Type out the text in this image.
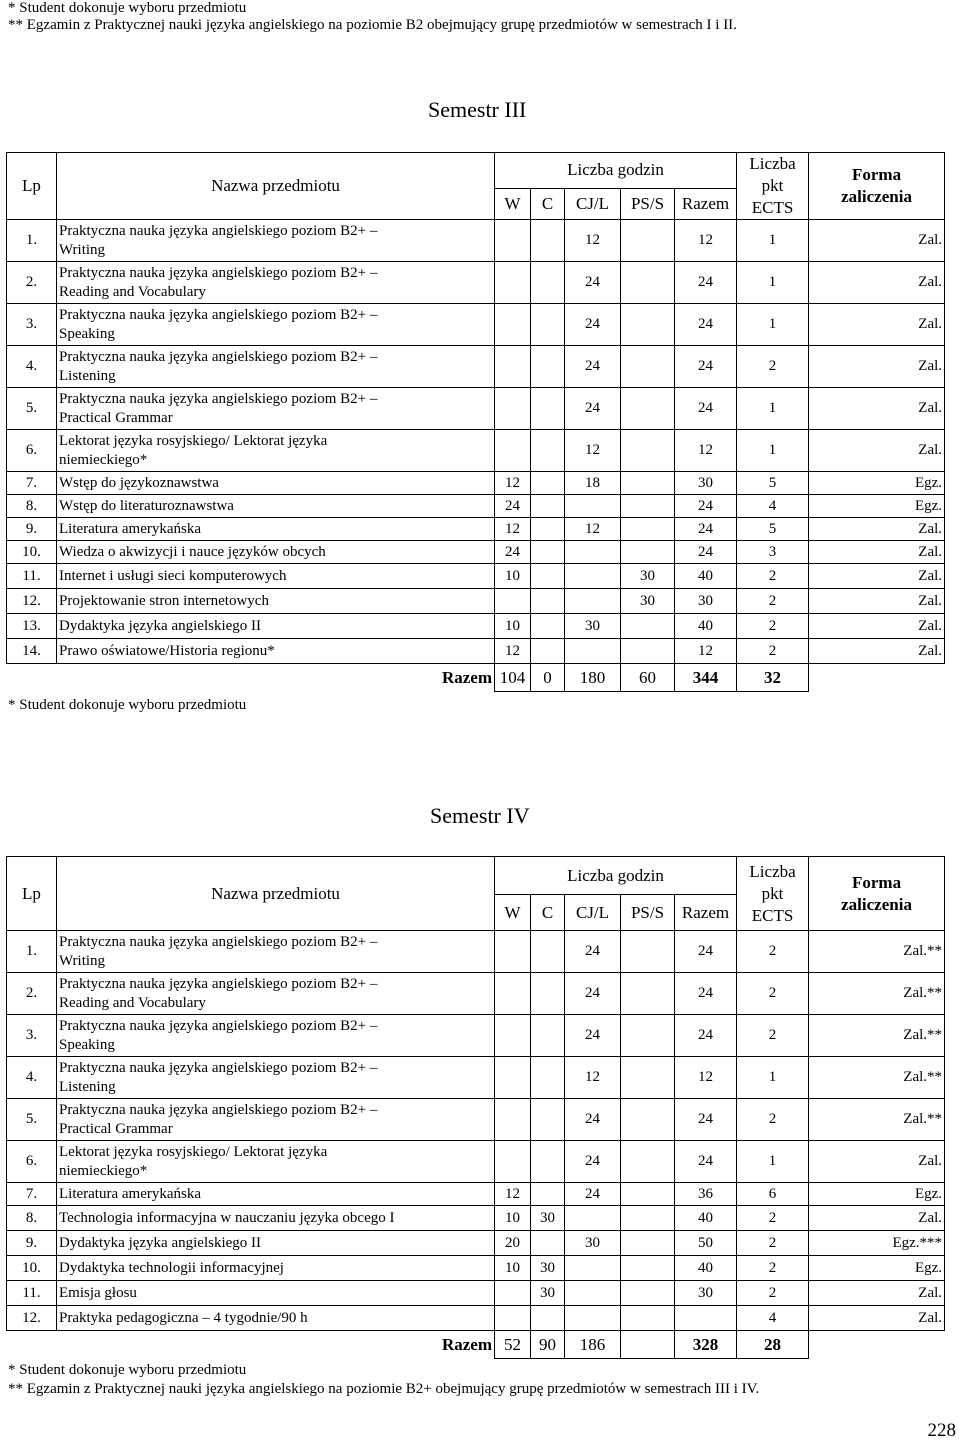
* Student dokonuje wyboru przedmiotu
** Egzamin z Praktycznej nauki języka angielskiego na poziomie B2 obejmujący grupę przedmiotów w semestrach I i II.
Semestr III
Lp	Nazwa przedmiotu	Liczba godzin					Liczba
pkt
ECTS	Forma
zaliczenia

		W	C	CJ/L	PS/S	Razem		
1.	Praktyczna nauka języka angielskiego poziom B2+ –
Writing			12		12	1	Zal.
2.	Praktyczna nauka języka angielskiego poziom B2+ –
Reading and Vocabulary			24		24	1	Zal.
3.	Praktyczna nauka języka angielskiego poziom B2+ –
Speaking			24		24	1	Zal.
4.	Praktyczna nauka języka angielskiego poziom B2+ –
Listening			24		24	2	Zal.
5.	Praktyczna nauka języka angielskiego poziom B2+ –
Practical Grammar			24		24	1	Zal.
6.	Lektorat języka rosyjskiego/ Lektorat języka
niemieckiego*			12		12	1	Zal.
7.	Wstęp do językoznawstwa	12		18		30	5	Egz.
8.	Wstęp do literaturoznawstwa	24				24	4	Egz.
9.	Literatura amerykańska	12		12		24	5	Zal.
10.	Wiedza o akwizycji i nauce języków obcych	24				24	3	Zal.
11.	Internet i usługi sieci komputerowych	10			30	40	2	Zal.
12.	Projektowanie stron internetowych				30	30	2	Zal.
13.	Dydaktyka języka angielskiego II	10		30		40	2	Zal.
14.	Prawo oświatowe/Historia regionu*	12				12	2	Zal.
Razem		104	0	180	60	344	32	
* Student dokonuje wyboru przedmiotu
Semestr IV
Lp	Nazwa przedmiotu	Liczba godzin					Liczba
pkt
ECTS	Forma
zaliczenia

		W	C	CJ/L	PS/S	Razem		
1.	Praktyczna nauka języka angielskiego poziom B2+ –
Writing			24		24	2	Zal.**
2.	Praktyczna nauka języka angielskiego poziom B2+ –
Reading and Vocabulary			24		24	2	Zal.**
3.	Praktyczna nauka języka angielskiego poziom B2+ –
Speaking			24		24	2	Zal.**
4.	Praktyczna nauka języka angielskiego poziom B2+ –
Listening			12		12	1	Zal.**
5.	Praktyczna nauka języka angielskiego poziom B2+ –
Practical Grammar			24		24	2	Zal.**
6.	Lektorat języka rosyjskiego/ Lektorat języka
niemieckiego*			24		24	1	Zal.
7.	Literatura amerykańska	12		24		36	6	Egz.
8.	Technologia informacyjna w nauczaniu języka obcego I	10	30			40	2	Zal.
9.	Dydaktyka języka angielskiego II	20		30		50	2	Egz.***
10.	Dydaktyka technologii informacyjnej	10	30			40	2	Egz.
11.	Emisja głosu		30			30	2	Zal.
12.	Praktyka pedagogiczna – 4 tygodnie/90 h						4	Zal.
Razem		52	90	186		328	28	
* Student dokonuje wyboru przedmiotu
** Egzamin z Praktycznej nauki języka angielskiego na poziomie B2+ obejmujący grupę przedmiotów w semestrach III i IV.
228
